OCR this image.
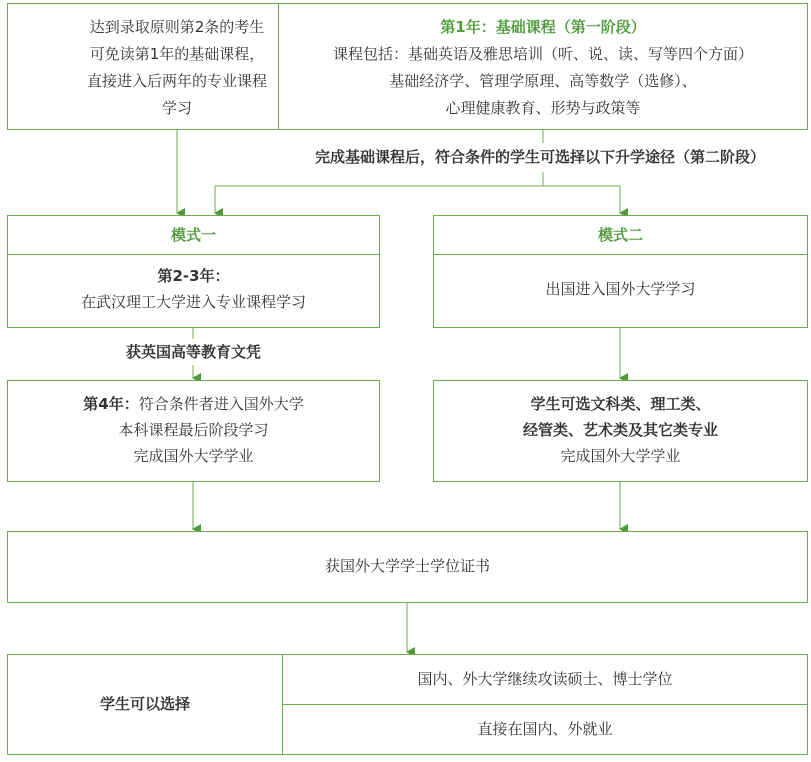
达到录取原则第2条的考生
可免读第1年的基础课程，
直接进入后两年的专业课程
学习
第1年：基础课程（第一阶段）
课程包括：基础英语及雅思培训（听、说、读、写等四个方面）
基础经济学、管理学原理、高等数学（选修）、
心理健康教育、形势与政策等
完成基础课程后，符合条件的学生可选择以下升学途径（第二阶段）
模式一
第2-3年：
在武汉理工大学进入专业课程学习
模式二
出国进入国外大学学习
获英国高等教育文凭
第4年：符合条件者进入国外大学
本科课程最后阶段学习
完成国外大学学业
学生可选文科类、理工类、
经管类、艺术类及其它类专业
完成国外大学学业
获国外大学学士学位证书
学生可以选择
国内、外大学继续攻读硕士、博士学位
直接在国内、外就业
